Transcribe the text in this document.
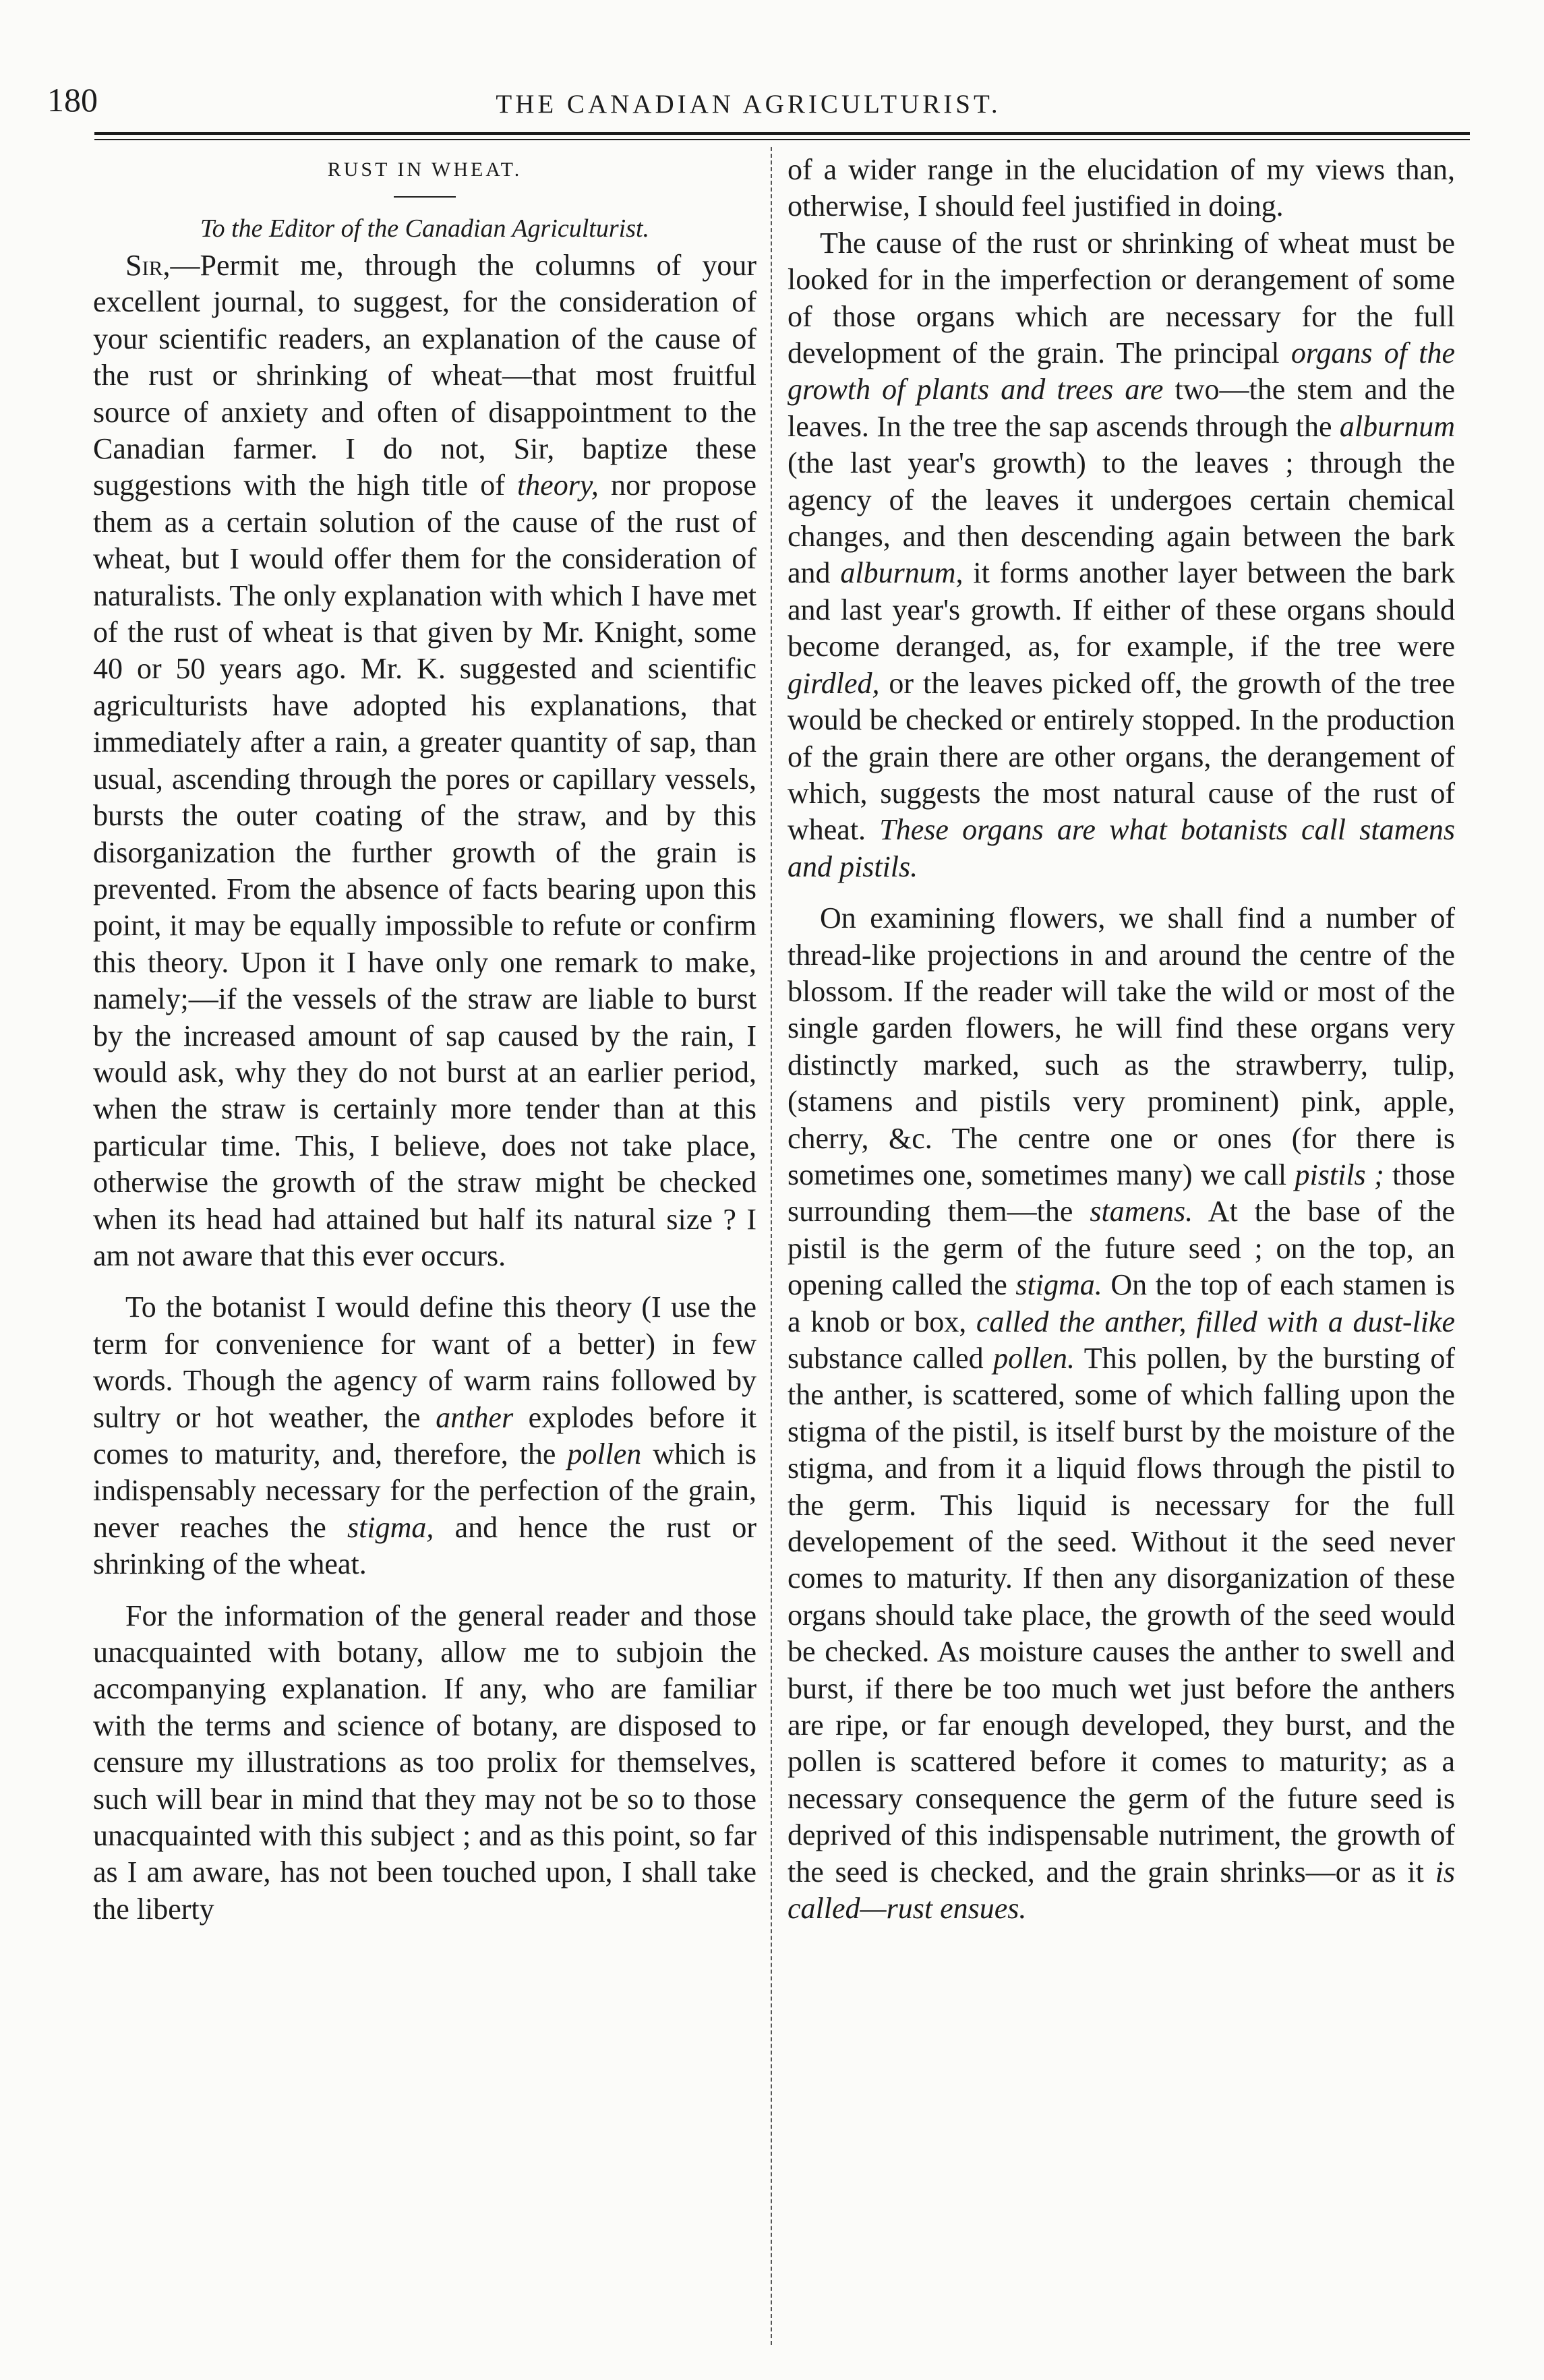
180	THE CANADIAN AGRICULTURIST.
RUST IN WHEAT.
To the Editor of the Canadian Agriculturist.

Sir,—Permit me, through the columns of your excellent journal, to suggest, for the consideration of your scientific readers, an explanation of the cause of the rust or shrinking of wheat—that most fruitful source of anxiety and often of disappointment to the Canadian farmer. I do not, Sir, baptize these suggestions with the high title of theory, nor propose them as a certain solution of the cause of the rust of wheat, but I would offer them for the consideration of naturalists. The only explanation with which I have met of the rust of wheat is that given by Mr. Knight, some 40 or 50 years ago. Mr. K. suggested and scientific agriculturists have adopted his explanations, that immediately after a rain, a greater quantity of sap, than usual, ascending through the pores or capillary vessels, bursts the outer coating of the straw, and by this disorganization the further growth of the grain is prevented. From the absence of facts bearing upon this point, it may be equally impossible to refute or confirm this theory. Upon it I have only one remark to make, namely;—if the vessels of the straw are liable to burst by the increased amount of sap caused by the rain, I would ask, why they do not burst at an earlier period, when the straw is certainly more tender than at this particular time. This, I believe, does not take place, otherwise the growth of the straw might be checked when its head had attained but half its natural size ? I am not aware that this ever occurs.

To the botanist I would define this theory (I use the term for convenience for want of a better) in few words. Though the agency of warm rains followed by sultry or hot weather, the anther explodes before it comes to maturity, and, therefore, the pollen which is indispensably necessary for the perfection of the grain, never reaches the stigma, and hence the rust or shrinking of the wheat.

For the information of the general reader and those unacquainted with botany, allow me to subjoin the accompanying explanation. If any, who are familiar with the terms and science of botany, are disposed to censure my illustrations as too prolix for themselves, such will bear in mind that they may not be so to those unacquainted with this subject ; and as this point, so far as I am aware, has not been touched upon, I shall take the liberty

of a wider range in the elucidation of my views than, otherwise, I should feel justified in doing.

The cause of the rust or shrinking of wheat must be looked for in the imperfection or derangement of some of those organs which are necessary for the full development of the grain. The principal organs of the growth of plants and trees are two—the stem and the leaves. In the tree the sap ascends through the alburnum (the last year's growth) to the leaves ; through the agency of the leaves it undergoes certain chemical changes, and then descending again between the bark and alburnum, it forms another layer between the bark and last year's growth. If either of these organs should become deranged, as, for example, if the tree were girdled, or the leaves picked off, the growth of the tree would be checked or entirely stopped. In the production of the grain there are other organs, the derangement of which, suggests the most natural cause of the rust of wheat. These organs are what botanists call stamens and pistils.

On examining flowers, we shall find a number of thread-like projections in and around the centre of the blossom. If the reader will take the wild or most of the single garden flowers, he will find these organs very distinctly marked, such as the strawberry, tulip, (stamens and pistils very prominent) pink, apple, cherry, &c. The centre one or ones (for there is sometimes one, sometimes many) we call pistils ; those surrounding them—the stamens. At the base of the pistil is the germ of the future seed ; on the top, an opening called the stigma. On the top of each stamen is a knob or box, called the anther, filled with a dust-like substance called pollen. This pollen, by the bursting of the anther, is scattered, some of which falling upon the stigma of the pistil, is itself burst by the moisture of the stigma, and from it a liquid flows through the pistil to the germ. This liquid is necessary for the full developement of the seed. Without it the seed never comes to maturity. If then any disorganization of these organs should take place, the growth of the seed would be checked. As moisture causes the anther to swell and burst, if there be too much wet just before the anthers are ripe, or far enough developed, they burst, and the pollen is scattered before it comes to maturity; as a necessary consequence the germ of the future seed is deprived of this indispensable nutriment, the growth of the seed is checked, and the grain shrinks—or as it is called—rust ensues.
